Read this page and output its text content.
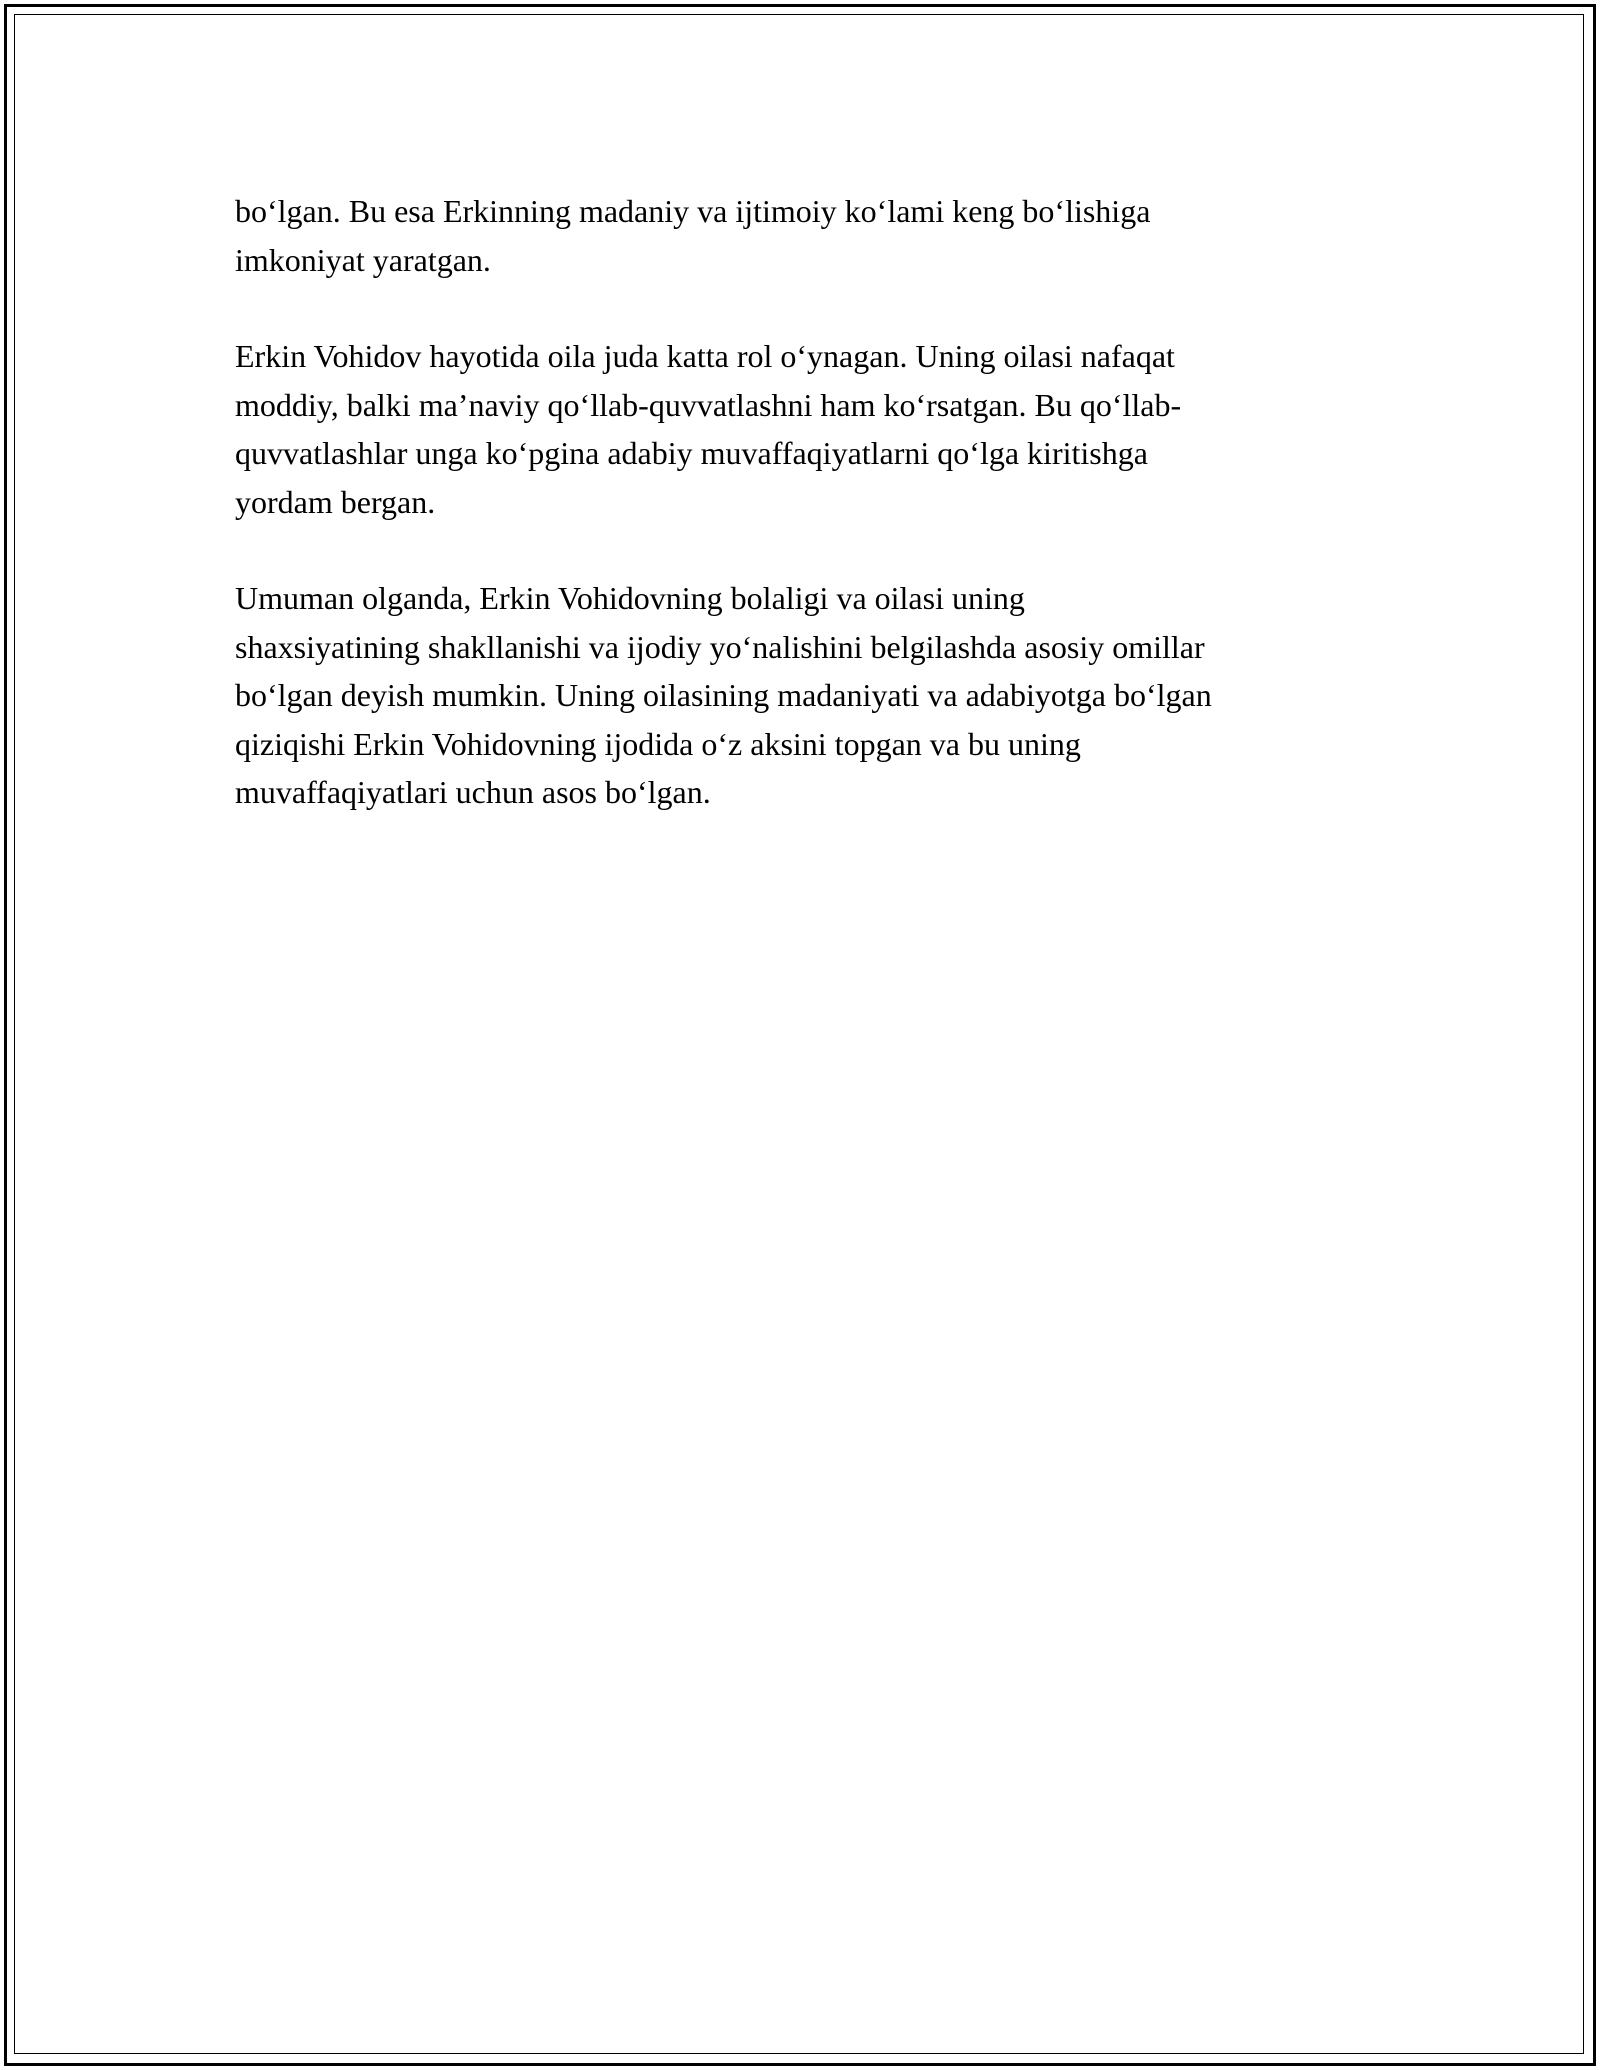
bo‘lgan. Bu esa Erkinning madaniy va ijtimoiy ko‘lami keng bo‘lishiga
imkoniyat yaratgan.

Erkin Vohidov hayotida oila juda katta rol o‘ynagan. Uning oilasi nafaqat
moddiy, balki ma’naviy qo‘llab-quvvatlashni ham ko‘rsatgan. Bu qo‘llab-
quvvatlashlar unga ko‘pgina adabiy muvaffaqiyatlarni qo‘lga kiritishga
yordam bergan.

Umuman olganda, Erkin Vohidovning bolaligi va oilasi uning
shaxsiyatining shakllanishi va ijodiy yo‘nalishini belgilashda asosiy omillar
bo‘lgan deyish mumkin. Uning oilasining madaniyati va adabiyotga bo‘lgan
qiziqishi Erkin Vohidovning ijodida o‘z aksini topgan va bu uning
muvaffaqiyatlari uchun asos bo‘lgan.
